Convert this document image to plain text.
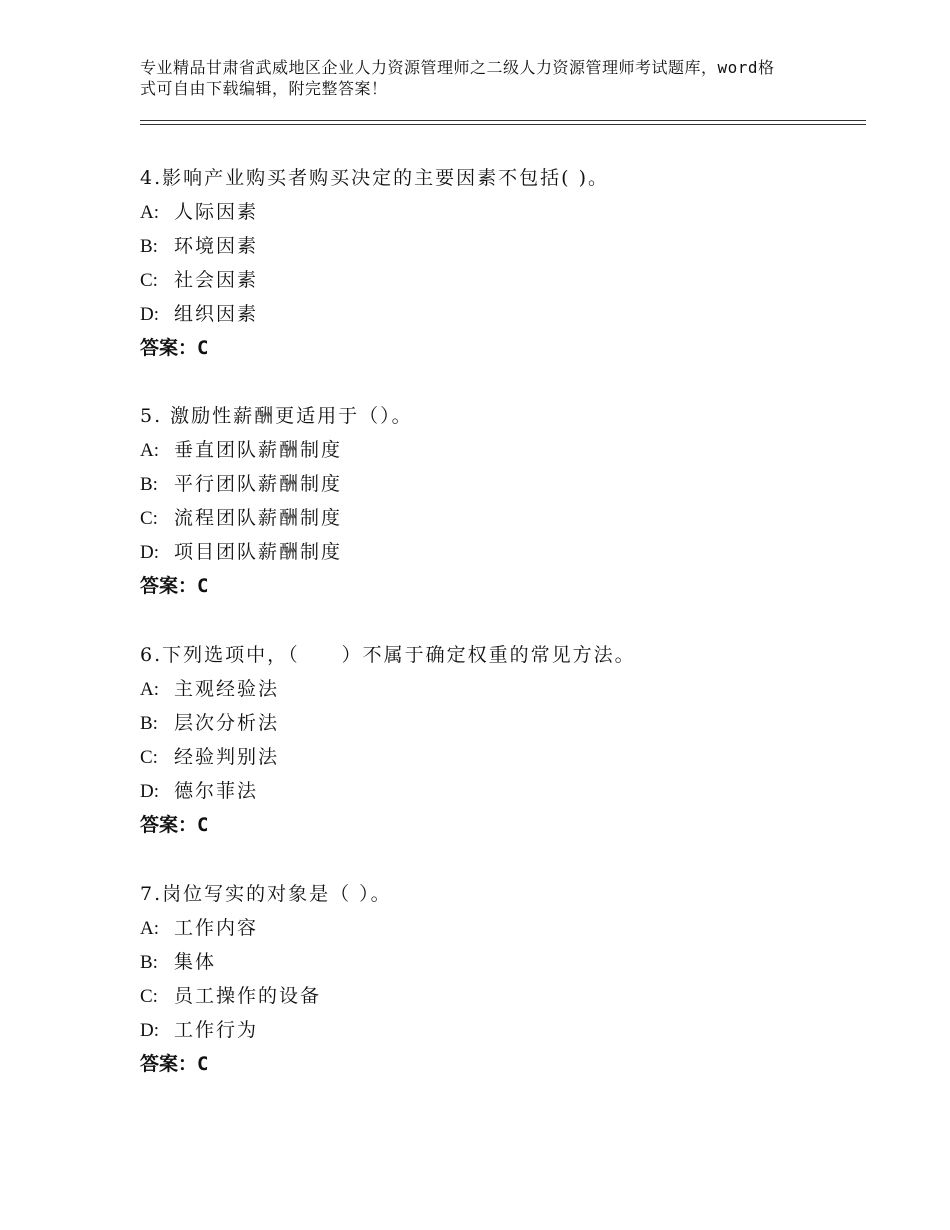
专业精品甘肃省武威地区企业人力资源管理师之二级人力资源管理师考试题库，word格式可自由下载编辑，附完整答案！
4.影响产业购买者购买决定的主要因素不包括( )。
A: 人际因素
B: 环境因素
C: 社会因素
D: 组织因素
答案：C
5. 激励性薪酬更适用于（）。
A: 垂直团队薪酬制度
B: 平行团队薪酬制度
C: 流程团队薪酬制度
D: 项目团队薪酬制度
答案：C
6.下列选项中，（　　）不属于确定权重的常见方法。
A: 主观经验法
B: 层次分析法
C: 经验判别法
D: 德尔菲法
答案：C
7.岗位写实的对象是（ ）。
A: 工作内容
B: 集体
C: 员工操作的设备
D: 工作行为
答案：C
